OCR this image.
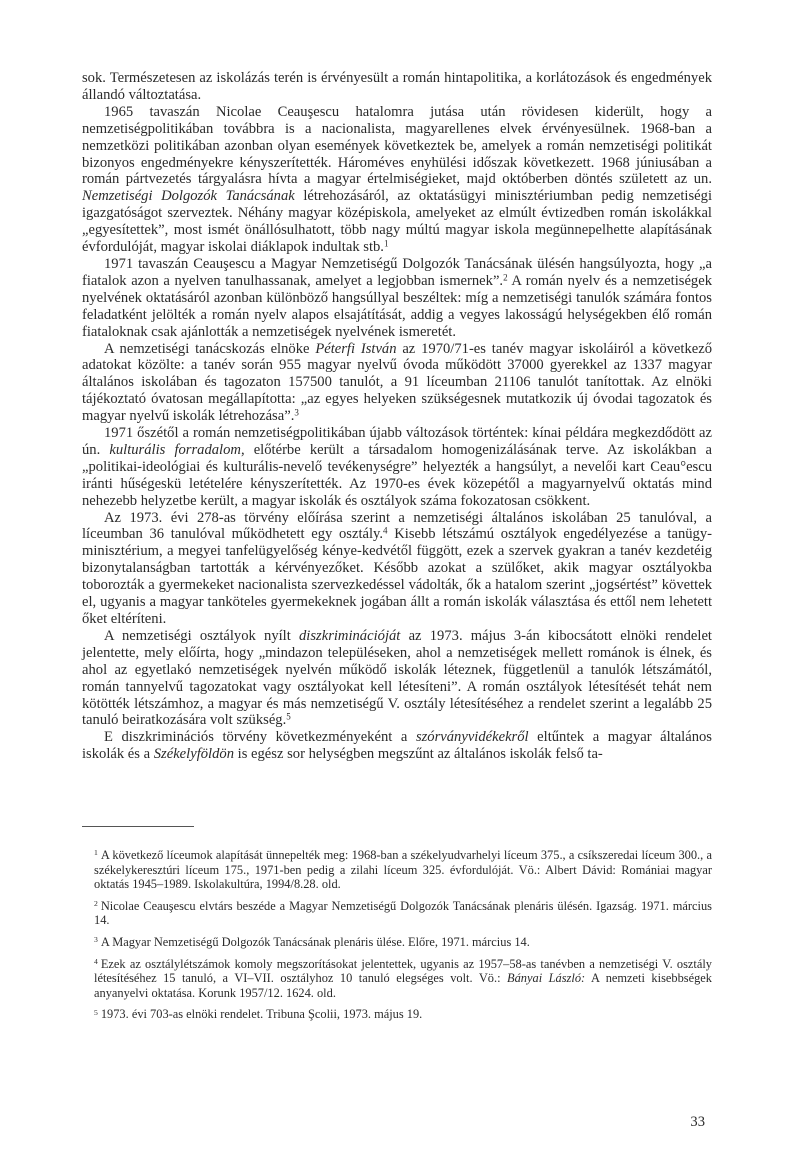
sok. Természetesen az iskolázás terén is érvényesült a román hintapolitika, a korlátozások és engedmények állandó változtatása.

1965 tavaszán Nicolae Ceauşescu hatalomra jutása után rövidesen kiderült, hogy a nemzetiségpolitikában továbbra is a nacionalista, magyarellenes elvek érvényesülnek. 1968-ban a nemzetközi politikában azonban olyan események következtek be, amelyek a román nemzetiségi politikát bizonyos engedményekre kényszerítették. Hároméves enyhülési időszak következett. 1968 júniusában a román pártvezetés tárgyalásra hívta a magyar értelmiségieket, majd októberben döntés született az un. Nemzetiségi Dolgozók Tanácsának létrehozásáról, az oktatásügyi minisztériumban pedig nemzetiségi igazgatóságot szerveztek. Néhány magyar középiskola, amelyeket az elmúlt évtizedben román iskolákkal „egyesítettek”, most ismét önállósulhatott, több nagy múltú magyar iskola megünnepelhette alapításának évfordulóját, magyar iskolai diáklapok indultak stb.$^1$

1971 tavaszán Ceauşescu a Magyar Nemzetiségű Dolgozók Tanácsának ülésén hangsúlyozta, hogy „a fiatalok azon a nyelven tanulhassanak, amelyet a legjobban ismernek”.$^2$ A román nyelv és a nemzetiségek nyelvének oktatásáról azonban különböző hangsúllyal beszéltek: míg a nemzetiségi tanulók számára fontos feladatként jelölték a román nyelv alapos elsajátítását, addig a vegyes lakosságú helységekben élő román fiataloknak csak ajánlották a nemzetiségek nyelvének ismeretét.

A nemzetiségi tanácskozás elnöke Péterfi István az 1970/71-es tanév magyar iskoláiról a következő adatokat közölte: a tanév során 955 magyar nyelvű óvoda működött 37000 gyerekkel az 1337 magyar általános iskolában és tagozaton 157500 tanulót, a 91 líceumban 21106 tanulót tanítottak. Az elnöki tájékoztató óvatosan megállapította: „az egyes helyeken szükségesnek mutatkozik új óvodai tagozatok és magyar nyelvű iskolák létrehozása”.$^3$

1971 őszétől a román nemzetiségpolitikában újabb változások történtek: kínai példára megkezdődött az ún. kulturális forradalom, előtérbe került a társadalom homogenizálásának terve. Az iskolákban a „politikai-ideológiai és kulturális-nevelő tevékenységre” helyezték a hangsúlyt, a nevelői kart Ceau°escu iránti hűségeskü letételére kényszerítették. Az 1970-es évek közepétől a magyarnyelvű oktatás mind nehezebb helyzetbe került, a magyar iskolák és osztályok száma fokozatosan csökkent.

Az 1973. évi 278-as törvény előírása szerint a nemzetiségi általános iskolában 25 tanulóval, a líceumban 36 tanulóval működhetett egy osztály.$^4$ Kisebb létszámú osztályok engedélyezése a tanügy-minisztérium, a megyei tanfelügyelőség kénye-kedvétől függött, ezek a szervek gyakran a tanév kezdetéig bizonytalanságban tartották a kérvényezőket. Később azokat a szülőket, akik magyar osztályokba toborozták a gyermekeket nacionalista szervezkedéssel vádolták, ők a hatalom szerint „jogsértést” követtek el, ugyanis a magyar tanköteles gyermekeknek jogában állt a román iskolák választása és ettől nem lehetett őket eltéríteni.

A nemzetiségi osztályok nyílt diszkriminációját az 1973. május 3-án kibocsátott elnöki rendelet jelentette, mely előírta, hogy „mindazon településeken, ahol a nemzetiségek mellett románok is élnek, és ahol az egyetlakó nemzetiségek nyelvén működő iskolák léteznek, függetlenül a tanulók létszámától, román tannyelvű tagozatokat vagy osztályokat kell létesíteni”. A román osztályok létesítését tehát nem kötötték létszámhoz, a magyar és más nemzetiségű V. osztály létesítéséhez a rendelet szerint a legalább 25 tanuló beiratkozására volt szükség.$^5$

E diszkriminációs törvény következményeként a szórványvidékekről eltűntek a magyar általános iskolák és a Székelyföldön is egész sor helységben megszűnt az általános iskolák felső ta-

$^1$ A következő líceumok alapítását ünnepelték meg: 1968-ban a székelyudvarhelyi líceum 375., a csíkszeredai líceum 300., a székelykeresztúri líceum 175., 1971-ben pedig a zilahi líceum 325. évfordulóját. Vö.: Albert Dávid: Romániai magyar oktatás 1945–1989. Iskolakultúra, 1994/8.28. old.

$^2$ Nicolae Ceauşescu elvtárs beszéde a Magyar Nemzetiségű Dolgozók Tanácsának plenáris ülésén. Igazság. 1971. március 14.

$^3$ A Magyar Nemzetiségű Dolgozók Tanácsának plenáris ülése. Előre, 1971. március 14.

$^4$ Ezek az osztálylétszámok komoly megszorításokat jelentettek, ugyanis az 1957–58-as tanévben a nemzetiségi V. osztály létesítéséhez 15 tanuló, a VI–VII. osztályhoz 10 tanuló elegséges volt. Vö.: Bányai László: A nemzeti kisebbségek anyanyelvi oktatása. Korunk 1957/12. 1624. old.

$^5$ 1973. évi 703-as elnöki rendelet. Tribuna Şcolii, 1973. május 19.

33
